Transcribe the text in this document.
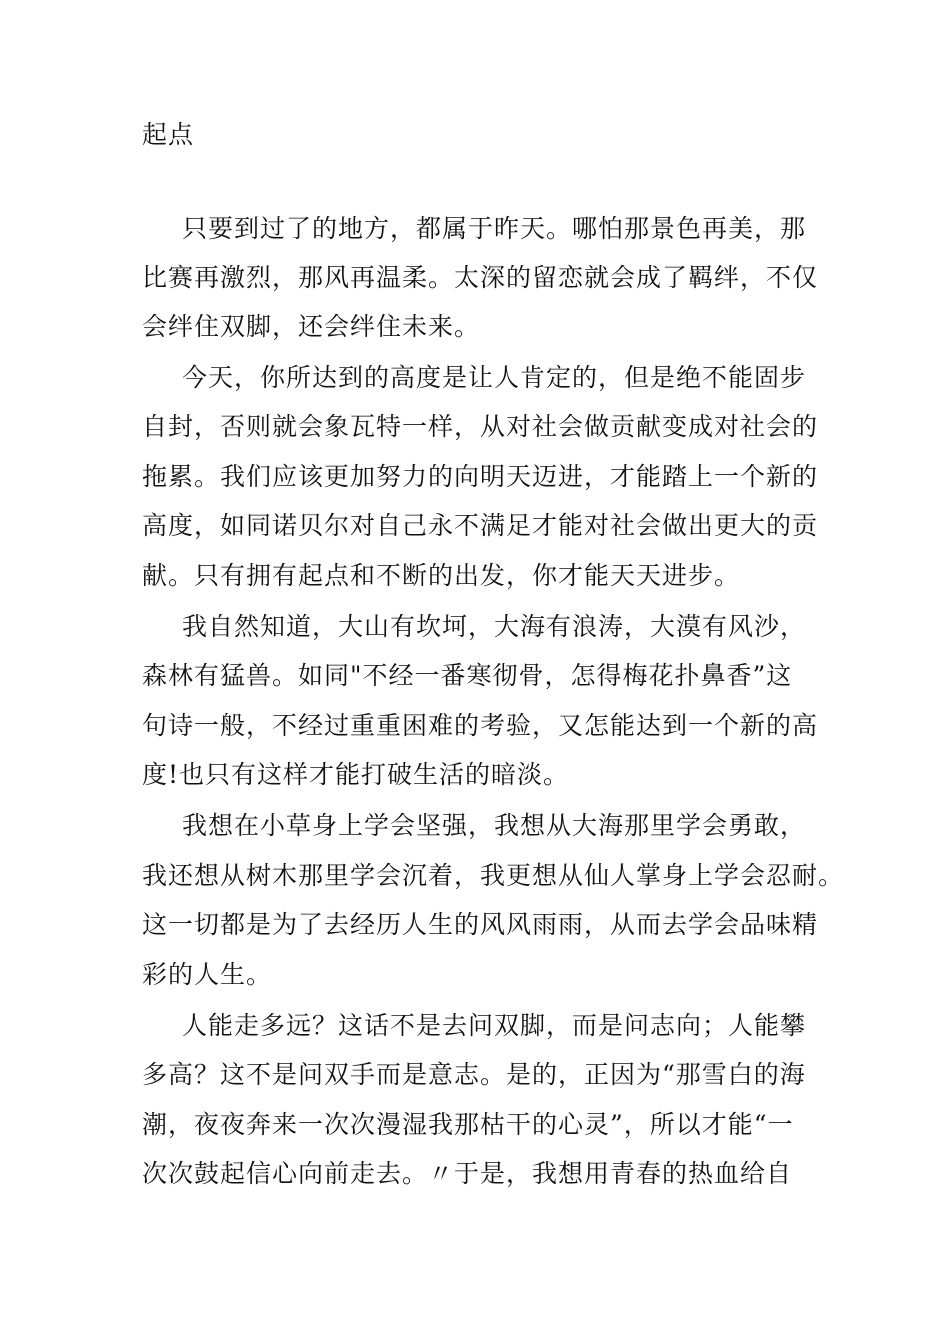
起点
只要到过了的地方，都属于昨天。哪怕那景色再美，那
比赛再激烈，那风再温柔。太深的留恋就会成了羁绊，不仅
会绊住双脚，还会绊住未来。
今天，你所达到的高度是让人肯定的，但是绝不能固步
自封，否则就会象瓦特一样，从对社会做贡献变成对社会的
拖累。我们应该更加努力的向明天迈进，才能踏上一个新的
高度，如同诺贝尔对自己永不满足才能对社会做出更大的贡
献。只有拥有起点和不断的出发，你才能天天进步。
我自然知道，大山有坎坷，大海有浪涛，大漠有风沙，
森林有猛兽。如同"不经一番寒彻骨，怎得梅花扑鼻香”这
句诗一般，不经过重重困难的考验，又怎能达到一个新的高
度!也只有这样才能打破生活的暗淡。
我想在小草身上学会坚强，我想从大海那里学会勇敢，
我还想从树木那里学会沉着，我更想从仙人掌身上学会忍耐。
这一切都是为了去经历人生的风风雨雨，从而去学会品味精
彩的人生。
人能走多远？这话不是去问双脚，而是问志向；人能攀
多高？这不是问双手而是意志。是的，正因为“那雪白的海
潮，夜夜奔来一次次漫湿我那枯干的心灵”，所以才能“一
次次鼓起信心向前走去。〃于是，我想用青春的热血给自
